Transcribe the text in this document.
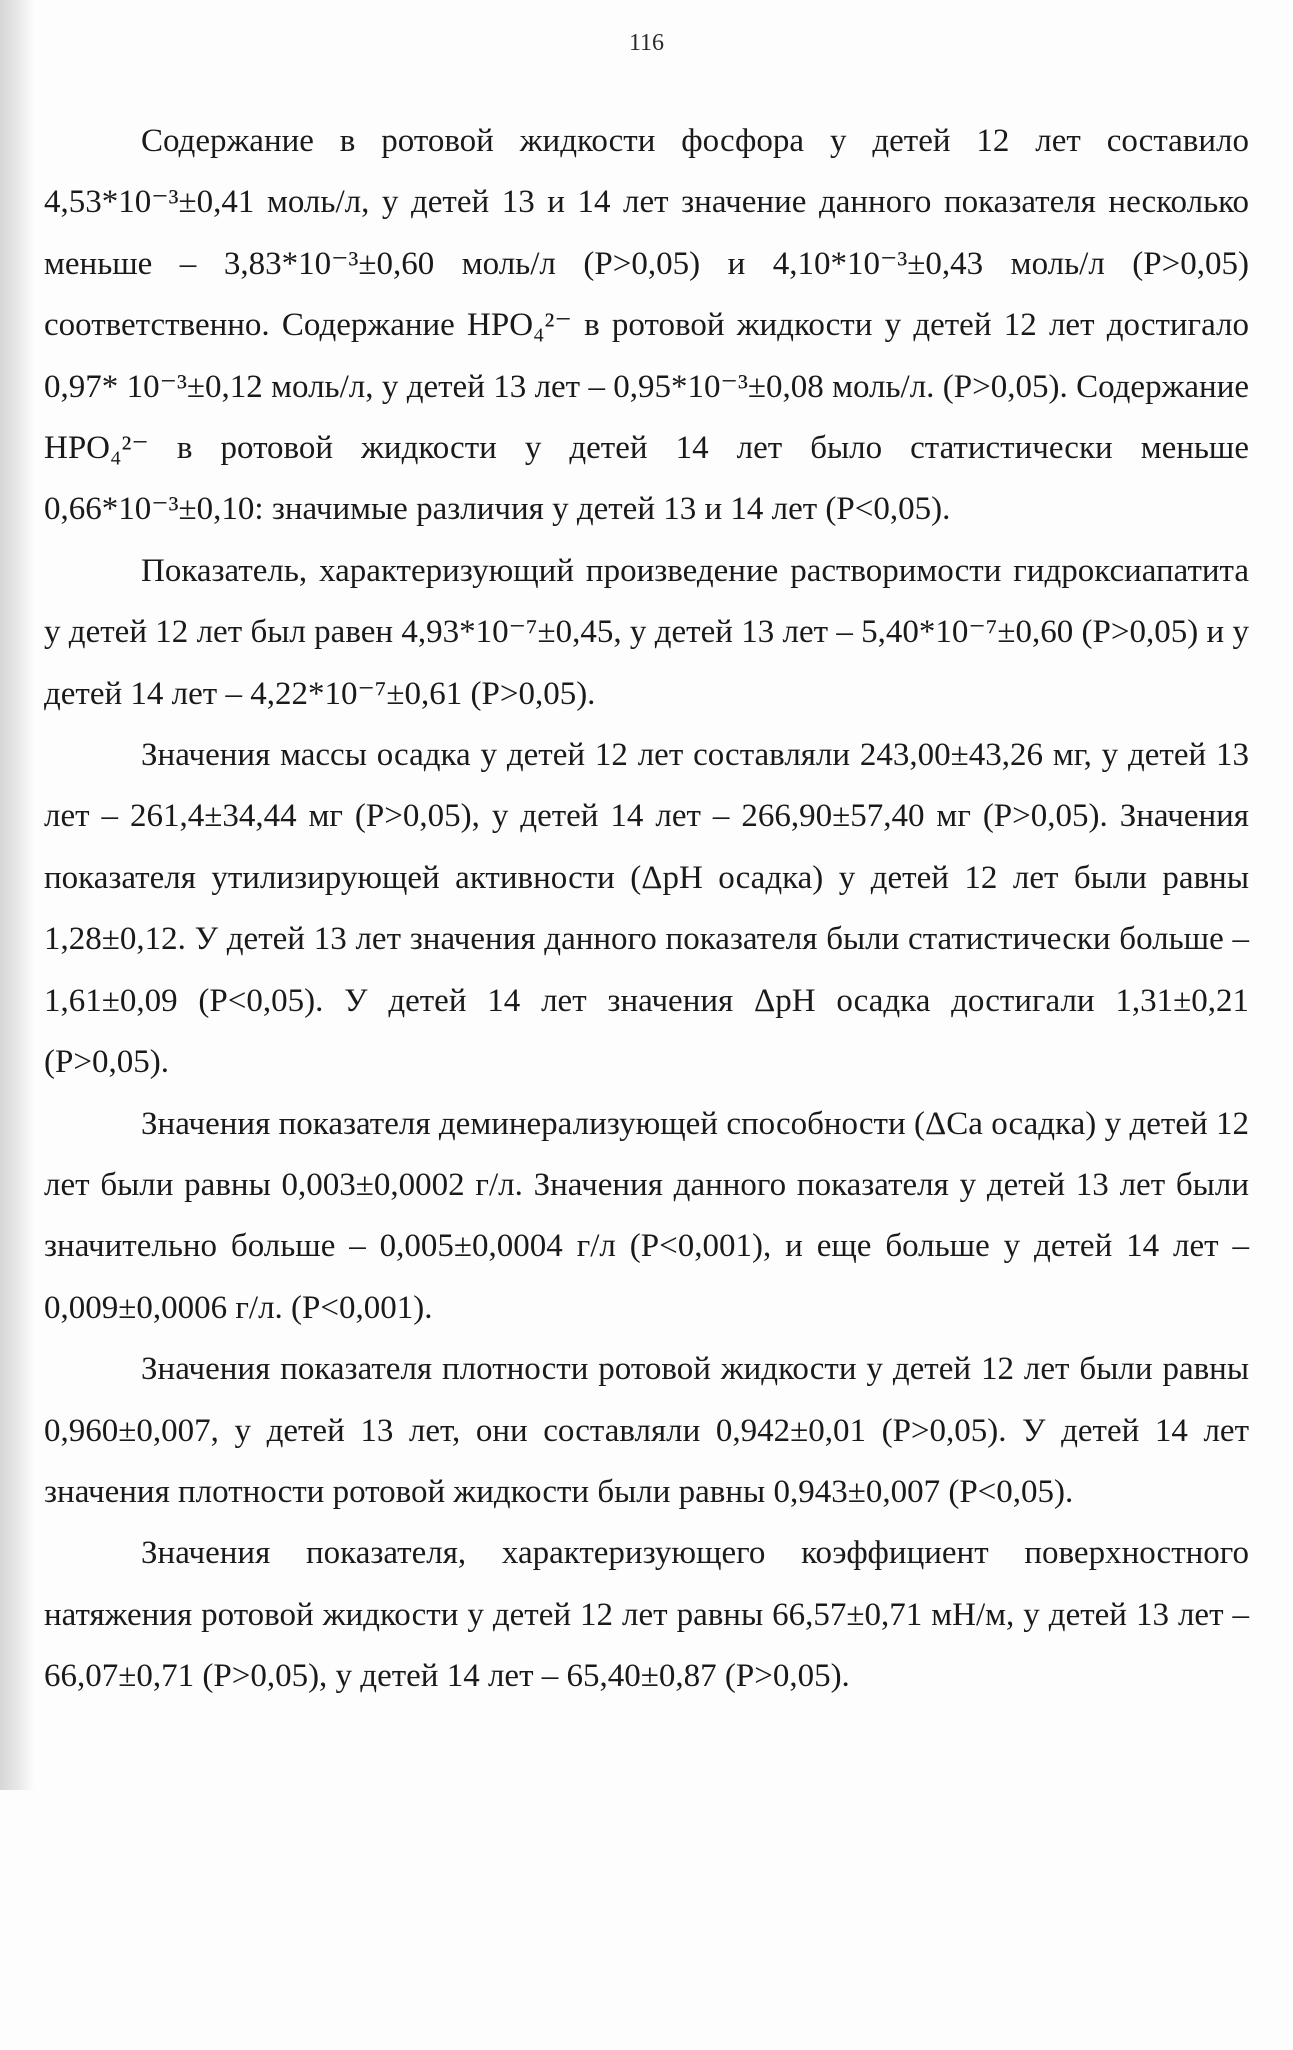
116

Содержание в ротовой жидкости фосфора у детей 12 лет составило 4,53*10⁻³±0,41 моль/л, у детей 13 и 14 лет значение данного показателя несколько меньше – 3,83*10⁻³±0,60 моль/л (P>0,05) и 4,10*10⁻³±0,43 моль/л (P>0,05) соответственно. Содержание HPO₄²⁻ в ротовой жидкости у детей 12 лет достигало 0,97* 10⁻³±0,12 моль/л, у детей 13 лет – 0,95*10⁻³±0,08 моль/л. (P>0,05). Содержание HPO₄²⁻ в ротовой жидкости у детей 14 лет было статистически меньше 0,66*10⁻³±0,10: значимые различия у детей 13 и 14 лет (P<0,05).

Показатель, характеризующий произведение растворимости гидроксиапатита у детей 12 лет был равен 4,93*10⁻⁷±0,45, у детей 13 лет – 5,40*10⁻⁷±0,60 (P>0,05) и у детей 14 лет – 4,22*10⁻⁷±0,61 (P>0,05).

Значения массы осадка у детей 12 лет составляли 243,00±43,26 мг, у детей 13 лет – 261,4±34,44 мг (P>0,05), у детей 14 лет – 266,90±57,40 мг (P>0,05). Значения показателя утилизирующей активности (ΔpH осадка) у детей 12 лет были равны 1,28±0,12. У детей 13 лет значения данного показателя были статистически больше – 1,61±0,09 (P<0,05). У детей 14 лет значения ΔpH осадка достигали 1,31±0,21 (P>0,05).

Значения показателя деминерализующей способности (ΔCa осадка) у детей 12 лет были равны 0,003±0,0002 г/л. Значения данного показателя у детей 13 лет были значительно больше – 0,005±0,0004 г/л (P<0,001), и еще больше у детей 14 лет – 0,009±0,0006 г/л. (P<0,001).

Значения показателя плотности ротовой жидкости у детей 12 лет были равны 0,960±0,007, у детей 13 лет, они составляли 0,942±0,01 (P>0,05). У детей 14 лет значения плотности ротовой жидкости были равны 0,943±0,007 (P<0,05).

Значения показателя, характеризующего коэффициент поверхностного натяжения ротовой жидкости у детей 12 лет равны 66,57±0,71 мН/м, у детей 13 лет – 66,07±0,71 (P>0,05), у детей 14 лет – 65,40±0,87 (P>0,05).
